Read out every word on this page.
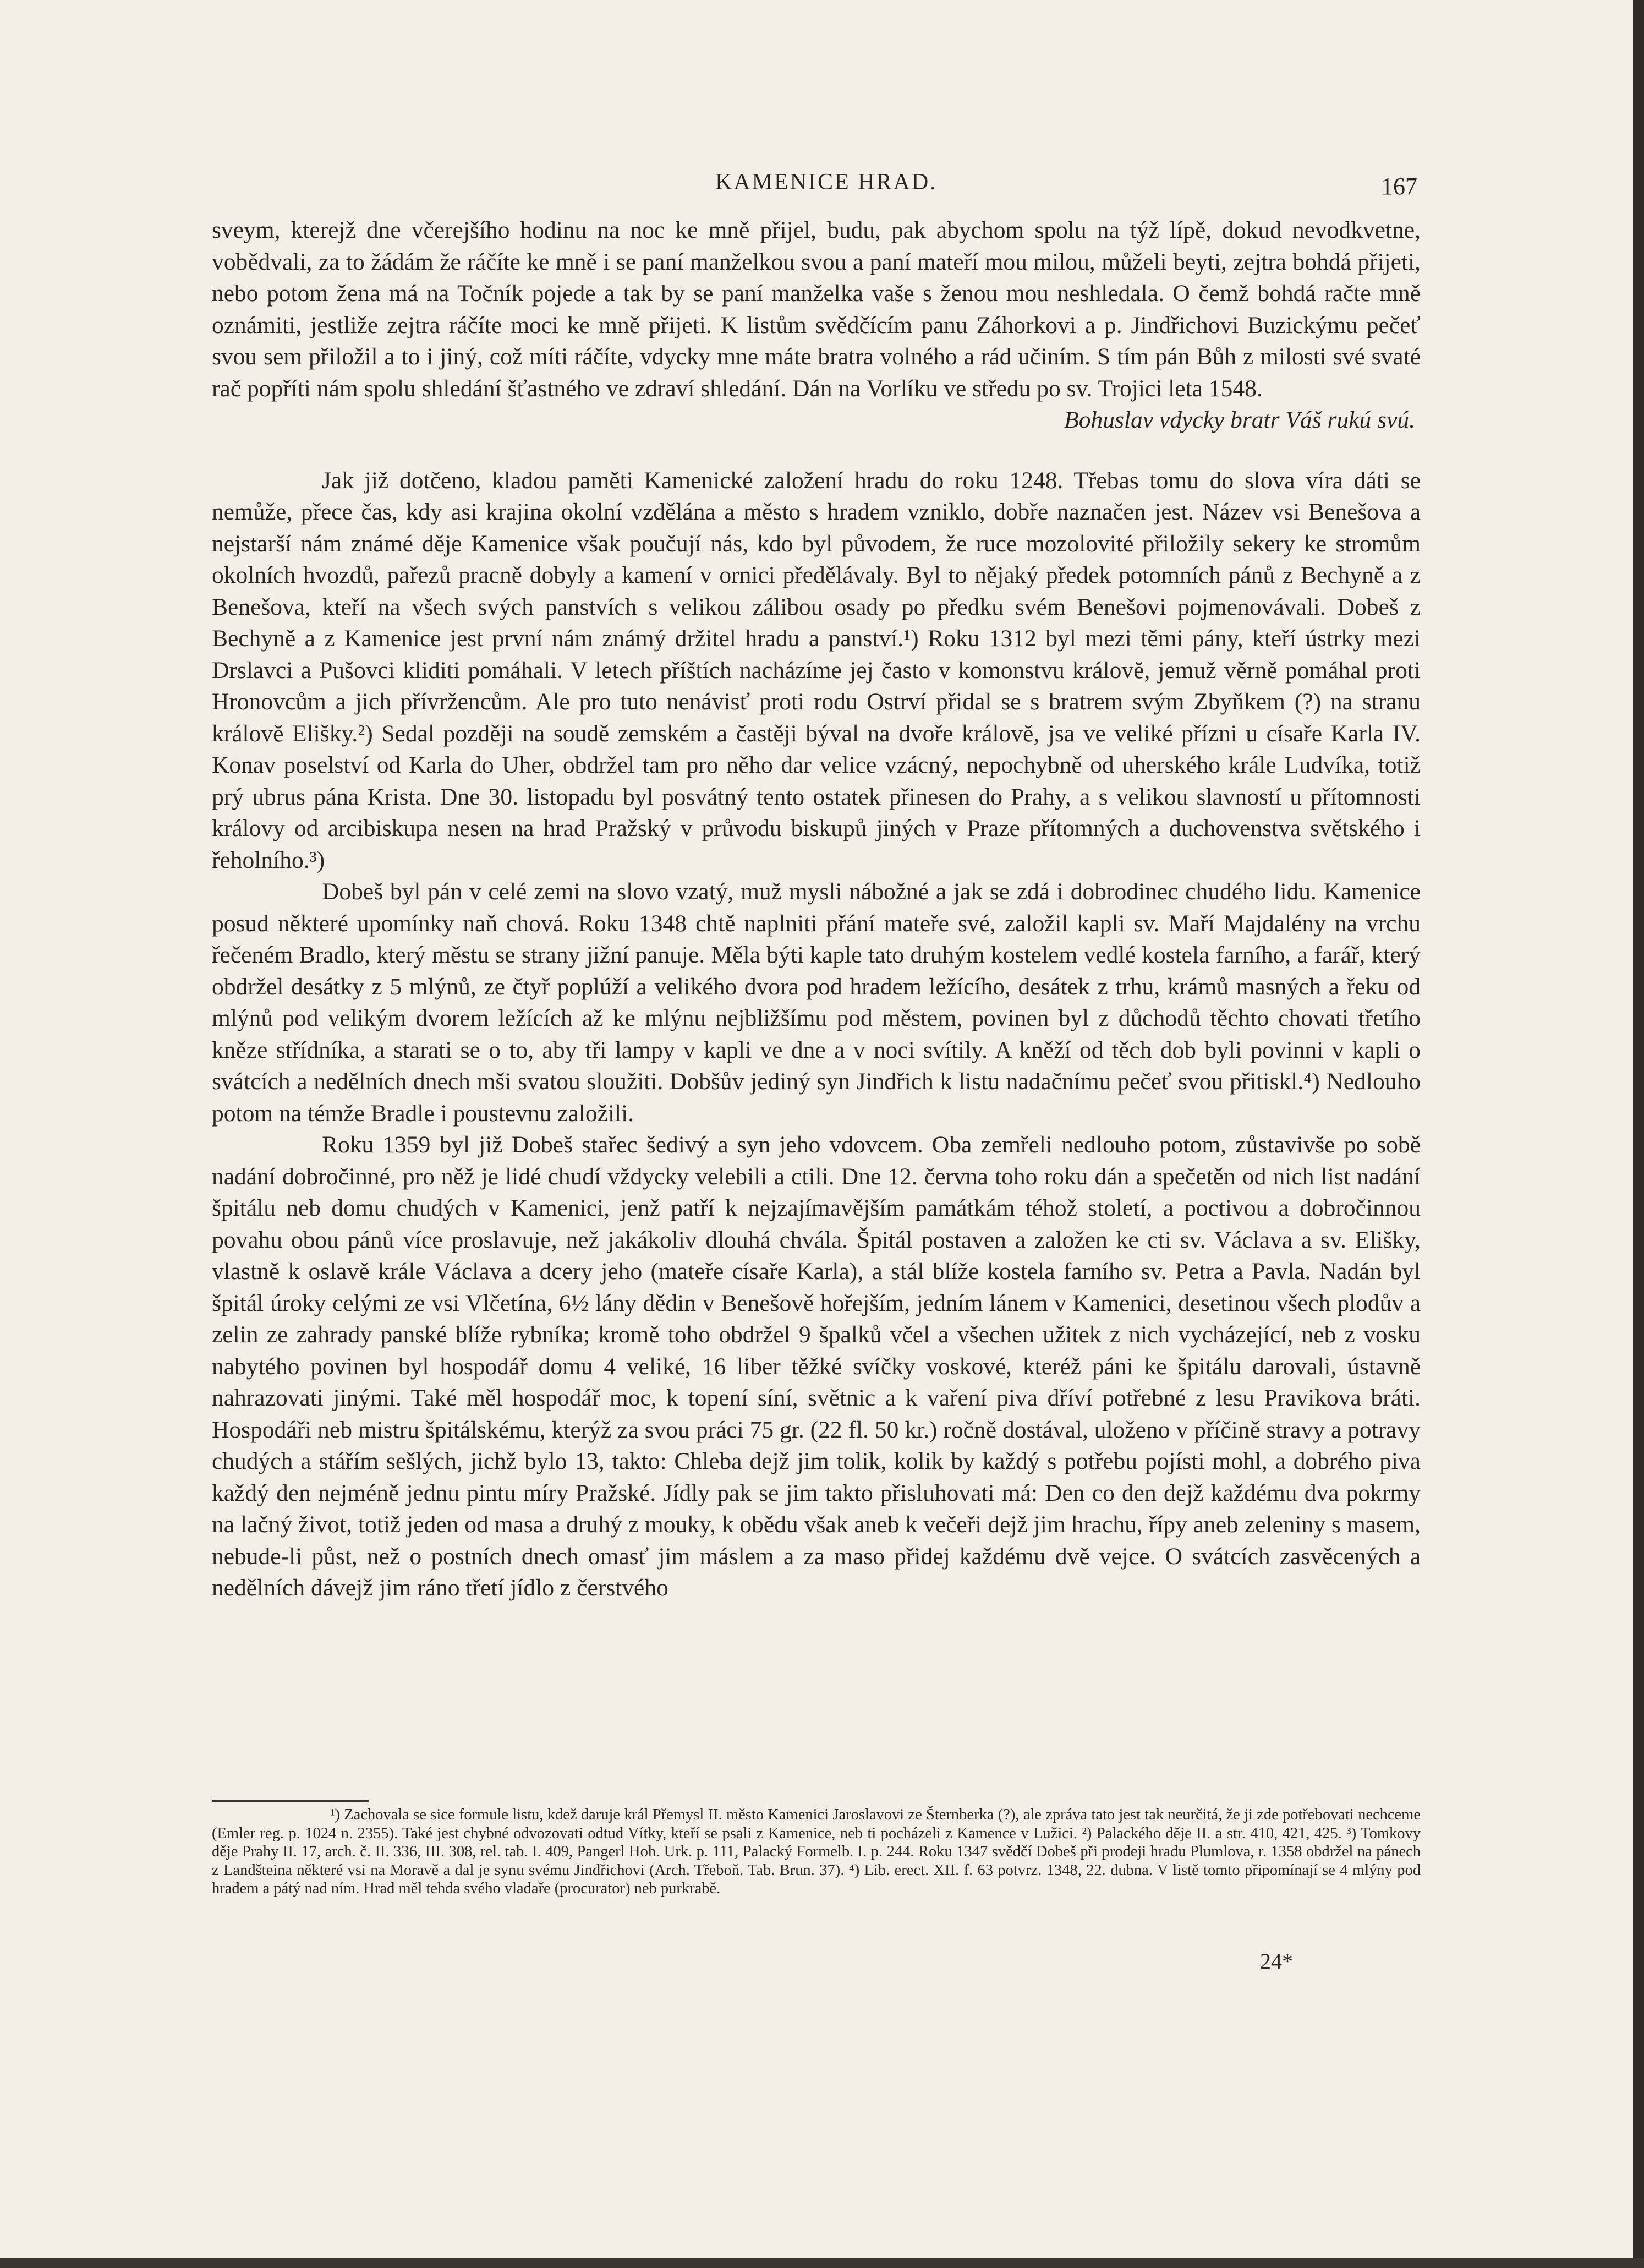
KAMENICE HRAD.	167

sveym, kterejž dne včerejšího hodinu na noc ke mně přijel, budu, pak abychom spolu na týž lípě, dokud nevodkvetne, vobědvali, za to žádám že ráčíte ke mně i se paní manželkou svou a paní mateří mou milou, můželi beyti, zejtra bohdá přijeti, nebo potom žena má na Točník pojede a tak by se paní manželka vaše s ženou mou neshledala. O čemž bohdá račte mně oznámiti, jestliže zejtra ráčíte moci ke mně přijeti. K listům svědčícím panu Záhorkovi a p. Jindřichovi Buzickýmu pečeť svou sem přiložil a to i jiný, což míti ráčíte, vdycky mne máte bratra volného a rád učiním. S tím pán Bůh z milosti své svaté rač popříti nám spolu shledání šťastného ve zdraví shledání. Dán na Vorlíku ve středu po sv. Trojici leta 1548.

Bohuslav vdycky bratr Váš rukú svú.

Jak již dotčeno, kladou paměti Kamenické založení hradu do roku 1248. Třebas tomu do slova víra dáti se nemůže, přece čas, kdy asi krajina okolní vzdělána a město s hradem vzniklo, dobře naznačen jest. Název vsi Benešova a nejstarší nám známé děje Kamenice však poučují nás, kdo byl původem, že ruce mozolovité přiložily sekery ke stromům okolních hvozdů, pařezů pracně dobyly a kamení v ornici předělávaly. Byl to nějaký předek potomních pánů z Bechyně a z Benešova, kteří na všech svých panstvích s velikou zálibou osady po předku svém Benešovi pojmenovávali. Dobeš z Bechyně a z Kamenice jest první nám známý držitel hradu a panství.¹) Roku 1312 byl mezi těmi pány, kteří ústrky mezi Drslavci a Pušovci kliditi pomáhali. V letech příštích nacházíme jej často v komonstvu královĕ, jemuž věrně pomáhal proti Hronovcům a jich přívržencům. Ale pro tuto nenávisť proti rodu Ostrví přidal se s bratrem svým Zbyňkem (?) na stranu královĕ Elišky.²) Sedal později na soudě zemském a častěji býval na dvoře královĕ, jsa ve veliké přízni u císaře Karla IV. Konav poselství od Karla do Uher, obdržel tam pro něho dar velice vzácný, nepochybně od uherského krále Ludvíka, totiž prý ubrus pána Krista. Dne 30. listopadu byl posvátný tento ostatek přinesen do Prahy, a s velikou slavností u přítomnosti královy od arcibiskupa nesen na hrad Pražský v průvodu biskupů jiných v Praze přítomných a duchovenstva světského i řeholního.³)

Dobeš byl pán v celé zemi na slovo vzatý, muž mysli nábožné a jak se zdá i dobrodinec chudého lidu. Kamenice posud některé upomínky naň chová. Roku 1348 chtě naplniti přání mateře své, založil kapli sv. Maří Majdalény na vrchu řečeném Bradlo, který městu se strany jižní panuje. Měla býti kaple tato druhým kostelem vedlé kostela farního, a farář, který obdržel desátky z 5 mlýnů, ze čtyř poplúží a velikého dvora pod hradem ležícího, desátek z trhu, krámů masných a řeku od mlýnů pod velikým dvorem ležících až ke mlýnu nejbližšímu pod městem, povinen byl z důchodů těchto chovati třetího kněze střídníka, a starati se o to, aby tři lampy v kapli ve dne a v noci svítily. A kněží od těch dob byli povinni v kapli o svátcích a nedělních dnech mši svatou sloužiti. Dobšův jediný syn Jindřich k listu nadačnímu pečeť svou přitiskl.⁴) Nedlouho potom na témže Bradle i poustevnu založili.

Roku 1359 byl již Dobeš stařec šedivý a syn jeho vdovcem. Oba zemřeli nedlouho potom, zůstavivše po sobě nadání dobročinné, pro něž je lidé chudí vždycky velebili a ctili. Dne 12. června toho roku dán a spečetěn od nich list nadání špitálu neb domu chudých v Kamenici, jenž patří k nejzajímavějším památkám téhož století, a poctivou a dobročinnou povahu obou pánů více proslavuje, než jakákoliv dlouhá chvála. Špitál postaven a založen ke cti sv. Václava a sv. Elišky, vlastně k oslavě krále Václava a dcery jeho (mateře císaře Karla), a stál blíže kostela farního sv. Petra a Pavla. Nadán byl špitál úroky celými ze vsi Vlčetína, 6½ lány dědin v Benešově hořejším, jedním lánem v Kamenici, desetinou všech plodův a zelin ze zahrady panské blíže rybníka; kromě toho obdržel 9 špalků včel a všechen užitek z nich vycházející, neb z vosku nabytého povinen byl hospodář domu 4 veliké, 16 liber těžké svíčky voskové, kteréž páni ke špitálu darovali, ústavně nahrazovati jinými. Také měl hospodář moc, k topení síní, světnic a k vaření piva dříví potřebné z lesu Pravikova bráti. Hospodáři neb mistru špitálskému, kterýž za svou práci 75 gr. (22 fl. 50 kr.) ročně dostával, uloženo v příčině stravy a potravy chudých a stářím sešlých, jichž bylo 13, takto: Chleba dejž jim tolik, kolik by každý s potřebu pojísti mohl, a dobrého piva každý den nejméně jednu pintu míry Pražské. Jídly pak se jim takto přisluhovati má: Den co den dejž každému dva pokrmy na lačný život, totiž jeden od masa a druhý z mouky, k obědu však aneb k večeři dejž jim hrachu, řípy aneb zeleniny s masem, nebude-li půst, než o postních dnech omasť jim máslem a za maso přidej každému dvě vejce. O svátcích zasvěcených a nedělních dávejž jim ráno třetí jídlo z čerstvého

¹) Zachovala se sice formule listu, kdež daruje král Přemysl II. město Kamenici Jaroslavovi ze Šternberka (?), ale zpráva tato jest tak neurčitá, že ji zde potřebovati nechceme (Emler reg. p. 1024 n. 2355). Také jest chybné odvozovati odtud Vítky, kteří se psali z Kamenice, neb ti pocházeli z Kamence v Lužici. ²) Palackého děje II. a str. 410, 421, 425. ³) Tomkovy děje Prahy II. 17, arch. č. II. 336, III. 308, rel. tab. I. 409, Pangerl Hoh. Urk. p. 111, Palacký Formelb. I. p. 244. Roku 1347 svědčí Dobeš při prodeji hradu Plumlova, r. 1358 obdržel na pánech z Landšteina některé vsi na Moravě a dal je synu svému Jindřichovi (Arch. Třeboň. Tab. Brun. 37). ⁴) Lib. erect. XII. f. 63 potvrz. 1348, 22. dubna. V listě tomto připomínají se 4 mlýny pod hradem a pátý nad ním. Hrad měl tehda svého vladaře (procurator) neb purkrabě.

24*
